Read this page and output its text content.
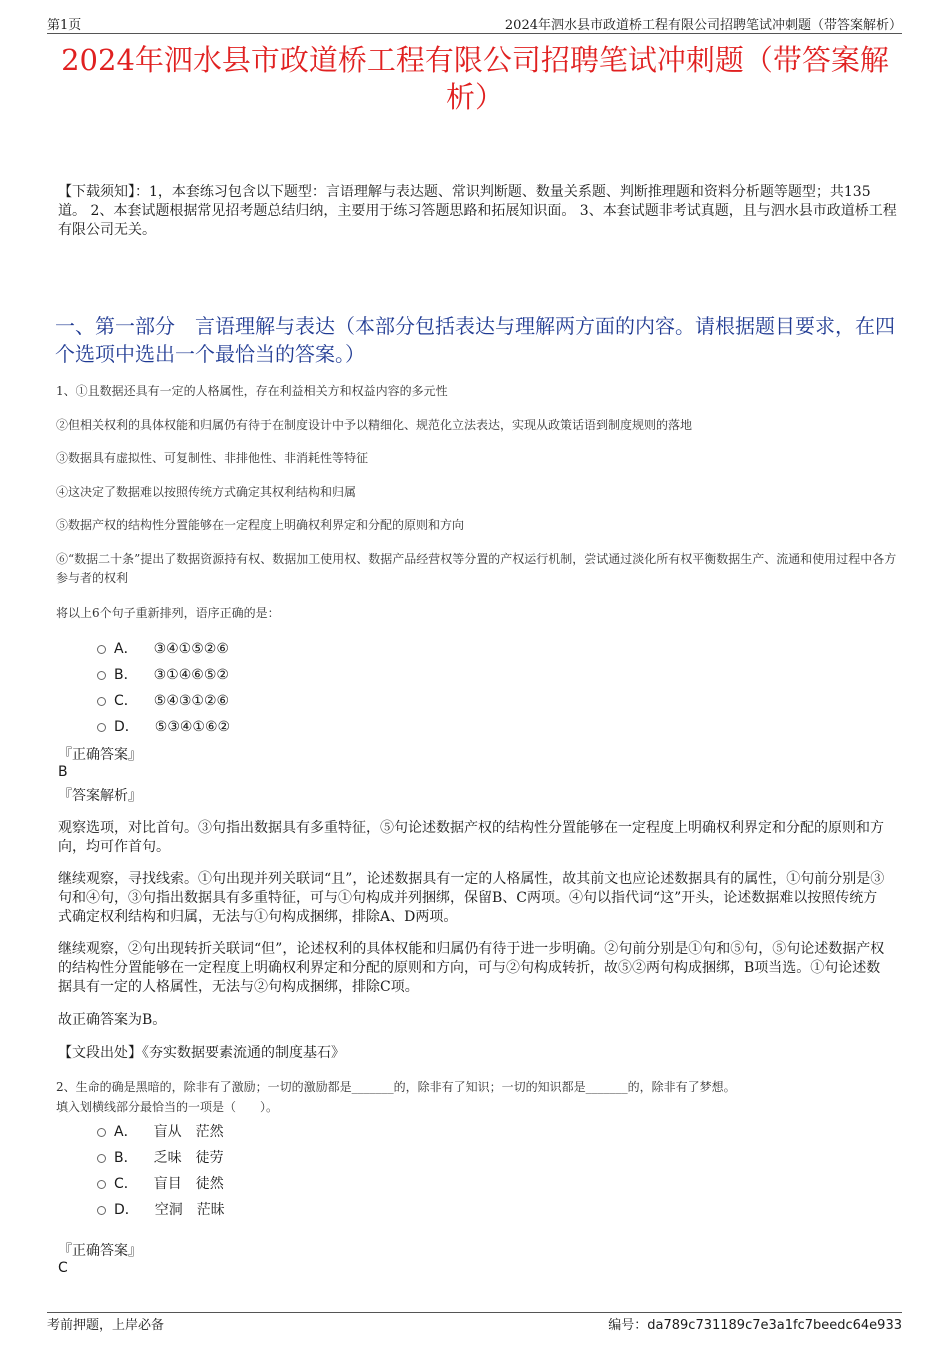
第1页	2024年泗水县市政道桥工程有限公司招聘笔试冲刺题（带答案解析）
2024年泗水县市政道桥工程有限公司招聘笔试冲刺题（带答案解析）
【下载须知】：1，本套练习包含以下题型：言语理解与表达题、常识判断题、数量关系题、判断推理题和资料分析题等题型；共135道。 2、本套试题根据常见招考题总结归纳，主要用于练习答题思路和拓展知识面。 3、本套试题非考试真题，且与泗水县市政道桥工程有限公司无关。
一、第一部分　言语理解与表达（本部分包括表达与理解两方面的内容。请根据题目要求，在四个选项中选出一个最恰当的答案。）
1、①且数据还具有一定的人格属性，存在利益相关方和权益内容的多元性
②但相关权利的具体权能和归属仍有待于在制度设计中予以精细化、规范化立法表达，实现从政策话语到制度规则的落地
③数据具有虚拟性、可复制性、非排他性、非消耗性等特征
④这决定了数据难以按照传统方式确定其权利结构和归属
⑤数据产权的结构性分置能够在一定程度上明确权利界定和分配的原则和方向
⑥“数据二十条”提出了数据资源持有权、数据加工使用权、数据产品经营权等分置的产权运行机制，尝试通过淡化所有权平衡数据生产、流通和使用过程中各方参与者的权利
将以上6个句子重新排列，语序正确的是：
A． ③④①⑤②⑥
B． ③①④⑥⑤②
C． ⑤④③①②⑥
D． ⑤③④①⑥②
『正确答案』
B
『答案解析』
观察选项，对比首句。③句指出数据具有多重特征，⑤句论述数据产权的结构性分置能够在一定程度上明确权利界定和分配的原则和方向，均可作首句。
继续观察，寻找线索。①句出现并列关联词“且”，论述数据具有一定的人格属性，故其前文也应论述数据具有的属性，①句前分别是③句和④句，③句指出数据具有多重特征，可与①句构成并列捆绑，保留B、C两项。④句以指代词“这”开头，论述数据难以按照传统方式确定权利结构和归属，无法与①句构成捆绑，排除A、D两项。
继续观察，②句出现转折关联词“但”，论述权利的具体权能和归属仍有待于进一步明确。②句前分别是①句和⑤句，⑤句论述数据产权的结构性分置能够在一定程度上明确权利界定和分配的原则和方向，可与②句构成转折，故⑤②两句构成捆绑，B项当选。①句论述数据具有一定的人格属性，无法与②句构成捆绑，排除C项。
故正确答案为B。
【文段出处】《夯实数据要素流通的制度基石》
2、生命的确是黑暗的，除非有了激励；一切的激励都是_______的，除非有了知识；一切的知识都是_______的，除非有了梦想。
填入划横线部分最恰当的一项是（　　）。
A． 盲从　茫然
B． 乏味　徒劳
C． 盲目　徒然
D． 空洞　茫昧
『正确答案』
C
考前押题，上岸必备	编号：da789c731189c7e3a1fc7beedc64e933
